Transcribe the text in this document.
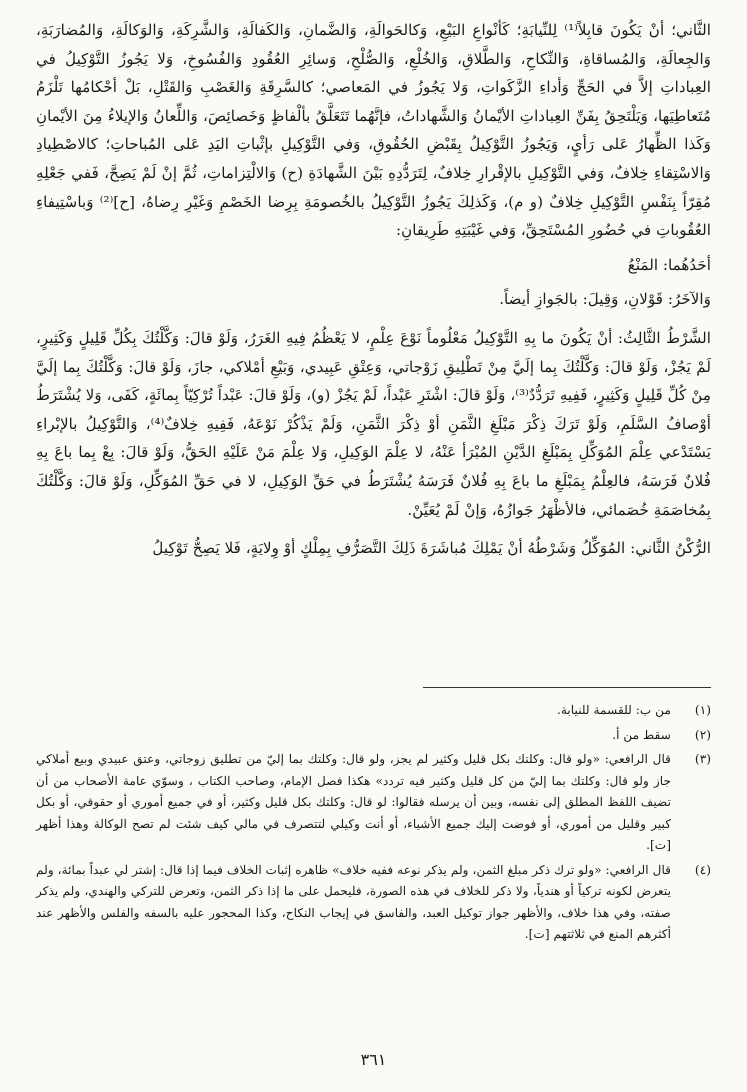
الثَّاني؛ أنْ يَكُونَ قابِلاً⁽¹⁾ لِلنِّيابَةِ؛ كَأنْواعِ البَيْعِ، وَكالحَوالَةِ، وَالضَّمانِ، وَالكَفالَةِ، وَالشَّرِكَةِ، وَالوَكالَةِ، وَالمُضارَبَةِ، وَالجِعالَةِ، وَالمُساقاةِ، وَالنِّكاحِ، وَالطَّلاقِ، وَالخُلْعِ، وَالصُّلْحِ، وَسائِرِ العُقُودِ وَالفُسُوخِ، وَلا يَجُوزُ التَّوْكِيلُ في العِباداتِ إلاَّ في الحَجِّ وَأداءِ الزَّكَواتِ، وَلا يَجُوزُ في المَعاصي؛ كالسَّرِقَةِ وَالغَصْبِ وَالقَتْلِ، بَلْ أحْكامُها تَلْزَمُ مُتَعاطِيَها، وَيَلْتَحِقُ بِفَنِّ العِباداتِ الأيْمانُ وَالشَّهاداتُ، فإنَّهُما تَتَعَلَّقُ بألْفاظٍ وَخَصائِصَ، وَاللِّعانُ وَالإيلاءُ مِنَ الأيْمانِ وَكَذا الظِّهارُ عَلى رَأيٍ، وَيَجُوزُ التَّوْكِيلُ بِقَبْضِ الحُقُوقِ، وَفي التَّوْكِيلِ بإثْباتِ اليَدِ عَلى المُباحاتِ؛ كالاصْطِيادِ وَالاسْتِقاءِ خِلافٌ، وَفي التَّوْكِيلِ بالإقْرارِ خِلافٌ، لِتَرَدُّدِهِ بَيْنَ الشَّهادَةِ (ح) وَالالْتِزاماتِ، ثُمَّ إنْ لَمْ يَصِحَّ، فَفي جَعْلِهِ مُقِرّاً بِنَفْسِ التَّوْكِيلِ خِلافٌ (و م)، وَكَذلِكَ يَجُوزُ التَّوْكِيلُ بالخُصومَةِ بِرِضا الخَصْمِ وَغَيْرِ رِضاهُ، [ح]⁽²⁾ وَباسْتِيفاءِ العُقُوباتِ في حُضُورِ المُسْتَحِقِّ، وَفي غَيْبَتِهِ طَرِيقانِ:

أحَدُهُما: المَنْعُ

وَالآخَرُ: قَوْلانِ، وَقِيلَ: بالجَوازِ أيضاً.

الشَّرْطُ الثَّالِثُ: أنْ يَكُونَ ما بِهِ التَّوْكِيلُ مَعْلُوماً نَوْعَ عِلْمٍ، لا يَعْظُمُ فِيهِ الغَرَرُ، وَلَوْ قالَ: وَكَّلْتُكَ بِكُلِّ قَلِيلٍ وَكَثِيرٍ، لَمْ يَجُزْ، وَلَوْ قالَ: وَكَّلْتُكَ بِما إلَيَّ مِنْ تَطْلِيقِ زَوْجاتي، وَعِتْقِ عَبِيدي، وَبَيْعِ أمْلاكي، جازَ، وَلَوْ قالَ: وَكَّلْتُكَ بِما إلَيَّ مِنْ كُلِّ قَلِيلٍ وَكَثِيرٍ، فَفِيهِ تَرَدُّدٌ⁽³⁾، وَلَوْ قالَ: اشْتَرِ عَبْداً، لَمْ يَجُزْ (و)، وَلَوْ قالَ: عَبْداً تُرْكِيّاً بِمائَةٍ، كَفَى، وَلا يُشْتَرَطُ أوْصافُ السَّلَمِ، وَلَوْ تَرَكَ ذِكْرَ مَبْلَغِ الثَّمَنِ أوْ ذِكْرَ الثَّمَنِ، وَلَمْ يَذْكُرْ نَوْعَهُ، فَفِيهِ خِلافٌ⁽⁴⁾، وَالتَّوْكِيلُ بالإبْراءِ يَسْتَدْعي عِلْمَ المُوَكِّلِ بِمَبْلَغِ الدَّيْنِ المُبْرَأ عَنْهُ، لا عِلْمَ الوَكِيلِ، وَلا عِلْمَ مَنْ عَلَيْهِ الحَقُّ، وَلَوْ قالَ: بِعْ بِما باعَ بِهِ فُلانٌ فَرَسَهُ، فالعِلْمُ بِمَبْلَغِ ما باعَ بِهِ فُلانٌ فَرَسَهُ يُشْتَرَطُ في حَقِّ الوَكِيلِ، لا في حَقِّ المُوَكِّلِ، وَلَوْ قالَ: وَكَّلْتُكَ بِمُخاصَمَةِ خُصَمائي، فالأظْهَرُ جَوازُهُ، وَإنْ لَمْ يُعَيِّنْ.

الرُّكْنُ الثَّاني: المُوَكِّلُ وَشَرْطُهُ أنْ يَمْلِكَ مُباشَرَةَ ذَلِكَ التَّصَرُّفِ بِمِلْكٍ أوْ وِلايَةٍ، فَلا يَصِحُّ تَوْكِيلُ

(١)
من ب: للقسمة للنيابة.
(٢)
سقط من أ.
(٣)
قال الرافعي: «ولو قال: وكلتك بكل قليل وكثير لم يجز، ولو قال: وكلتك بما إليّ من تطليق زوجاتي، وعتق عبيدي وبيع أملاكي جاز ولو قال: وكلتك بما إليّ من كل قليل وكثير فيه تردد» هكذا فصل الإمام، وصاحب الكتاب ، وسوّي عامة الأصحاب من أن تضيف اللفظ المطلق إلى نفسه، وبين أن يرسله فقالوا: لو قال: وكلتك بكل قليل وكثير، أو في جميع أموري أو حقوقي، أو بكل كبير وقليل من أموري، أو فوضت إليك جميع الأشياء، أو أنت وكيلي لتتصرف في مالي كيف شئت لم تصح الوكالة وهذا أظهر [ت].
(٤)
قال الرافعي: «ولو ترك ذكر مبلغ الثمن، ولم يذكر نوعه ففيه خلاف» ظاهره إثبات الخلاف فيما إذا قال: إشتر لي عبداً بمائة، ولم يتعرض لكونه تركياً أو هندياً، ولا ذكر للخلاف في هذه الصورة، فليحمل على ما إذا ذكر الثمن، وتعرض للتركي والهندي، ولم يذكر صفته، وفي هذا خلاف، والأظهر جواز توكيل العبد، والفاسق في إيجاب النكاح، وكذا المحجور عليه بالسفه والفلس والأظهر عند أكثرهم المنع في ثلاثتهم [ت].
٣٦١
